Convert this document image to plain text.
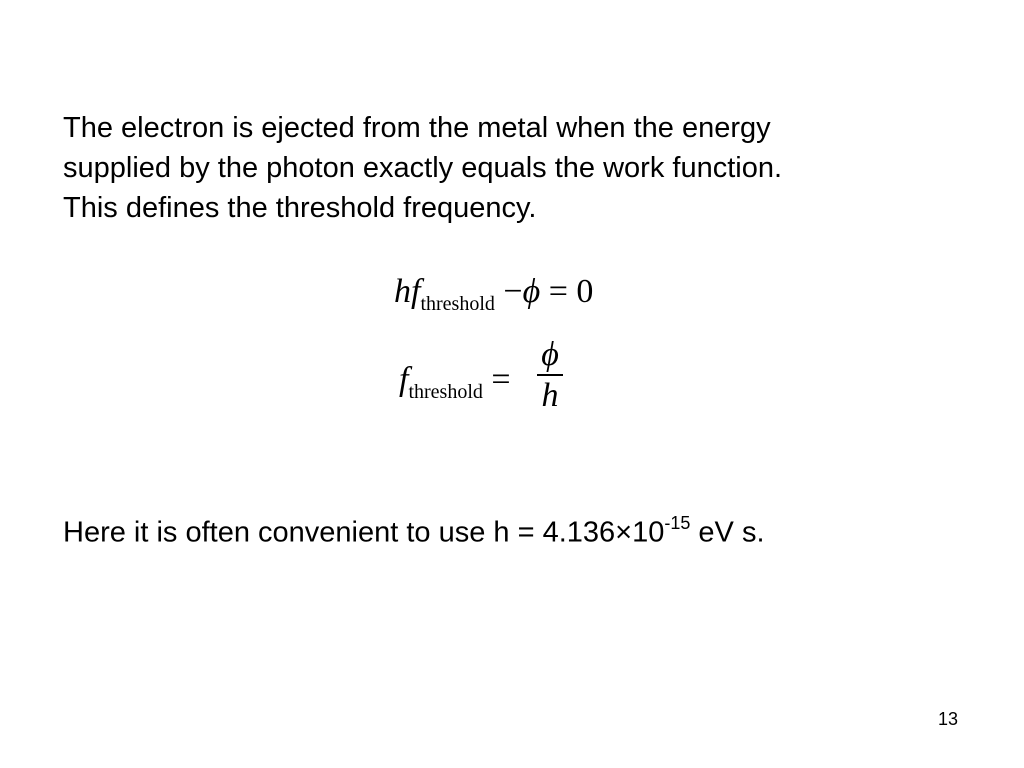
The electron is ejected from the metal when the energy
supplied by the photon exactly equals the work function.
This defines the threshold frequency.

$hf_{threshold} -\phi = 0$
$f_{threshold}$ =
ϕ
h

Here it is often convenient to use $h = 4.136\times 10^{-15}$ eV s.

13
